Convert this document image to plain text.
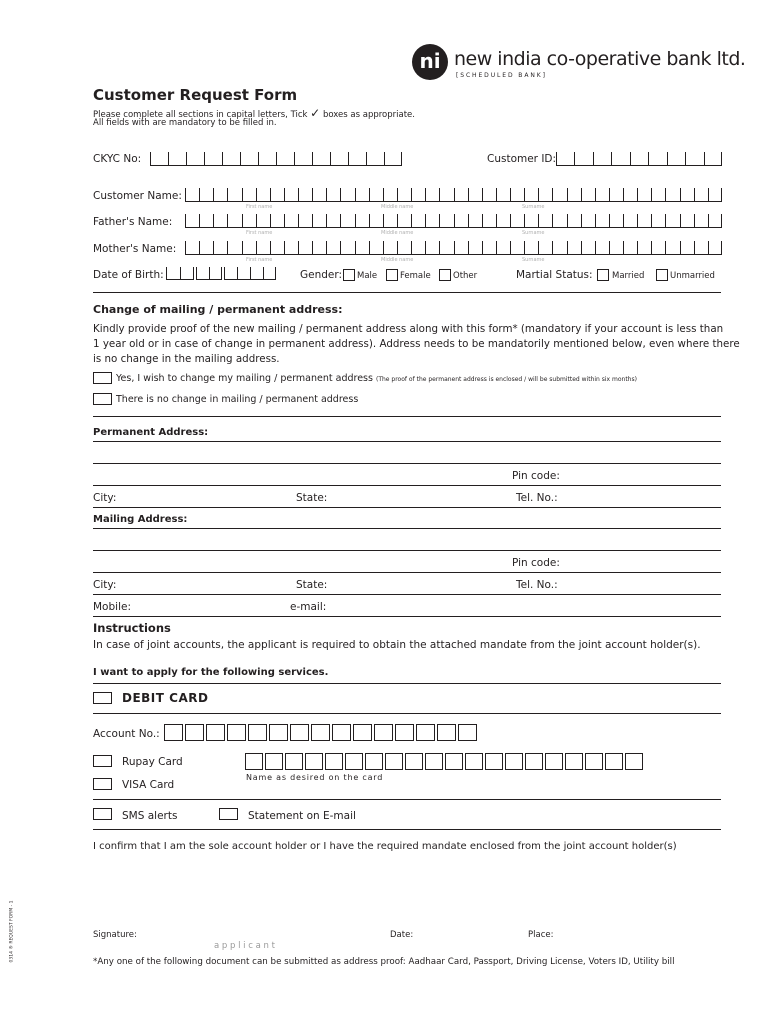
ni new india co-operative bank ltd.
[ S C H E D U L E D   B A N K ]
Customer Request Form
Please complete all sections in capital letters, Tick ✓ boxes as appropriate.
All fields with are mandatory to be filled in.
CKYC No:	Customer ID:
Customer Name:
First name	Middle name	Surname
Father's Name:
First name	Middle name	Surname
Mother's Name:
First name	Middle name	Surname
Date of Birth:	Gender: Male	Female	Other	Martial Status: Married	Unmarried
Change of mailing / permanent address:
Kindly provide proof of the new mailing / permanent address along with this form* (mandatory if your account is less than
1 year old or in case of change in permanent address). Address needs to be mandatorily mentioned below, even where there
is no change in the mailing address.
Yes, I wish to change my mailing / permanent address (The proof of the permanent address is enclosed / will be submitted within six months)
There is no change in mailing / permanent address
Permanent Address:
Pin code:
City:	State:	Tel. No.:
Mailing Address:
Pin code:
City:	State:	Tel. No.:
Mobile:	e-mail:
Instructions
In case of joint accounts, the applicant is required to obtain the attached mandate from the joint account holder(s).
I want to apply for the following services.
DEBIT CARD
Account No.:
Rupay Card
Name as desired on the card
VISA Card
SMS alerts	Statement on E-mail
I confirm that I am the sole account holder or I have the required mandate enclosed from the joint account holder(s)
Signature:
a p p l i c a n t
Date:	Place:
*Any one of the following document can be submitted as address proof: Aadhaar Card, Passport, Driving License, Voters ID, Utility bill
0314 ® REQUEST FORM - 1
